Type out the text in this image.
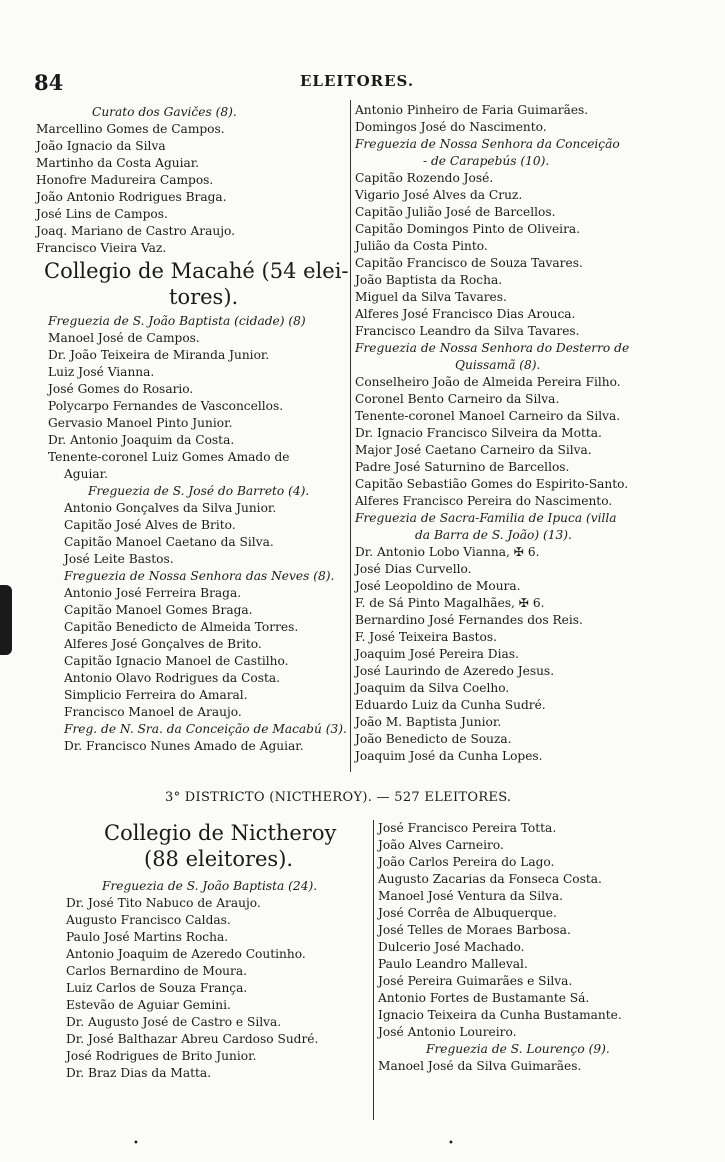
84	ELEITORES.
Curato dos Gavičes (8).
Marcellino Gomes de Campos.
João Ignacio da Silva
Martinho da Costa Aguiar.
Honofre Madureira Campos.
João Antonio Rodrigues Braga.
José Lins de Campos.
Joaq. Mariano de Castro Araujo.
Francisco Vieira Vaz.
Collegio de Macahé (54 elei-
tores).
Freguezia de S. João Baptista (cidade) (8)
Manoel José de Campos.
Dr. João Teixeira de Miranda Junior.
Luiz José Vianna.
José Gomes do Rosario.
Polycarpo Fernandes de Vasconcellos.
Gervasio Manoel Pinto Junior.
Dr. Antonio Joaquim da Costa.
Tenente-coronel Luiz Gomes Amado de
Aguiar.
Freguezia de S. José do Barreto (4).
Antonio Gonçalves da Silva Junior.
Capitão José Alves de Brito.
Capitão Manoel Caetano da Silva.
José Leite Bastos.
Freguezia de Nossa Senhora das Neves (8).
Antonio José Ferreira Braga.
Capitão Manoel Gomes Braga.
Capitão Benedicto de Almeida Torres.
Alferes José Gonçalves de Brito.
Capitão Ignacio Manoel de Castilho.
Antonio Olavo Rodrigues da Costa.
Simplicio Ferreira do Amaral.
Francisco Manoel de Araujo.
Freg. de N. Sra. da Conceição de Macabú (3).
Dr. Francisco Nunes Amado de Aguiar.
Antonio Pinheiro de Faria Guimarães.
Domingos José do Nascimento.
Freguezia de Nossa Senhora da Conceição
- de Carapebús (10).
Capitão Rozendo José.
Vigario José Alves da Cruz.
Capitão Julião José de Barcellos.
Capitão Domingos Pinto de Oliveira.
Julião da Costa Pinto.
Capitão Francisco de Souza Tavares.
João Baptista da Rocha.
Miguel da Silva Tavares.
Alferes José Francisco Dias Arouca.
Francisco Leandro da Silva Tavares.
Freguezia de Nossa Senhora do Desterro de
Quissamã (8).
Conselheiro João de Almeida Pereira Filho.
Coronel Bento Carneiro da Silva.
Tenente-coronel Manoel Carneiro da Silva.
Dr. Ignacio Francisco Silveira da Motta.
Major José Caetano Carneiro da Silva.
Padre José Saturnino de Barcellos.
Capitão Sebastião Gomes do Espirito-Santo.
Alferes Francisco Pereira do Nascimento.
Freguezia de Sacra-Familia de Ipuca (villa
da Barra de S. João) (13).
Dr. Antonio Lobo Vianna, ✠ 6.
José Dias Curvello.
José Leopoldino de Moura.
F. de Sá Pinto Magalhães, ✠ 6.
Bernardino José Fernandes dos Reis.
F. José Teixeira Bastos.
Joaquim José Pereira Dias.
José Laurindo de Azeredo Jesus.
Joaquim da Silva Coelho.
Eduardo Luiz da Cunha Sudré.
João M. Baptista Junior.
João Benedicto de Souza.
Joaquim José da Cunha Lopes.
3° DISTRICTO (NICTHEROY). — 527 ELEITORES.
Collegio de Nictheroy
(88 eleitores).
Freguezia de S. João Baptista (24).
Dr. José Tito Nabuco de Araujo.
Augusto Francisco Caldas.
Paulo José Martins Rocha.
Antonio Joaquim de Azeredo Coutinho.
Carlos Bernardino de Moura.
Luiz Carlos de Souza França.
Estevão de Aguiar Gemini.
Dr. Augusto José de Castro e Silva.
Dr. José Balthazar Abreu Cardoso Sudré.
José Rodrigues de Brito Junior.
Dr. Braz Dias da Matta.
José Francisco Pereira Totta.
João Alves Carneiro.
João Carlos Pereira do Lago.
Augusto Zacarias da Fonseca Costa.
Manoel José Ventura da Silva.
José Corrêa de Albuquerque.
José Telles de Moraes Barbosa.
Dulcerio José Machado.
Paulo Leandro Malleval.
José Pereira Guimarães e Silva.
Antonio Fortes de Bustamante Sá.
Ignacio Teixeira da Cunha Bustamante.
José Antonio Loureiro.
Freguezia de S. Lourenço (9).
Manoel José da Silva Guimarães.
•	•
